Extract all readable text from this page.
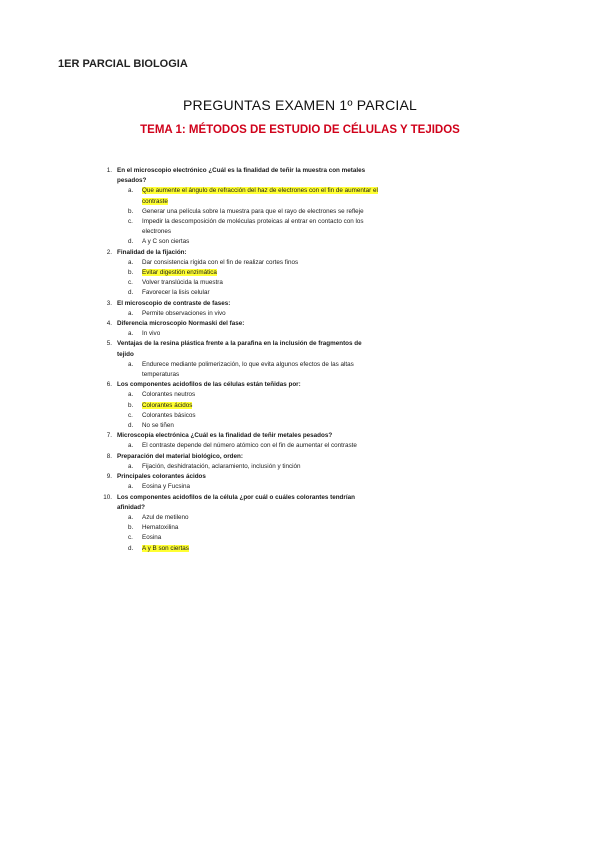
1ER PARCIAL BIOLOGIA
PREGUNTAS EXAMEN 1º PARCIAL
TEMA 1: MÉTODOS DE ESTUDIO DE CÉLULAS Y TEJIDOS
1. En el microscopio electrónico ¿Cuál es la finalidad de teñir la muestra con metales pesados?
a.	Que aumente el ángulo de refracción del haz de electrones con el fin de aumentar el contraste
b.	Generar una película sobre la muestra para que el rayo de electrones se refleje
c.	Impedir la descomposición de moléculas proteicas al entrar en contacto con los electrones
d.	A y C son ciertas
2. Finalidad de la fijación:
a.	Dar consistencia rígida con el fin de realizar cortes finos
b.	Evitar digestión enzimática
c.	Volver translúcida la muestra
d.	Favorecer la lisis celular
3. El microscopio de contraste de fases:
a.	Permite observaciones in vivo
4. Diferencia microscopio Normaski del fase:
a.	In vivo
5. Ventajas de la resina plástica frente a la parafina en la inclusión de fragmentos de tejido
a.	Endurece mediante polimerización, lo que evita algunos efectos de las altas temperaturas
6. Los componentes acidofilos de las células están teñidas por:
a.	Colorantes neutros
b.	Colorantes ácidos
c.	Colorantes básicos
d.	No se tiñen
7. Microscopía electrónica ¿Cuál es la finalidad de teñir metales pesados?
a.	El contraste depende del número atómico con el fin de aumentar el contraste
8. Preparación del material biológico, orden:
a.	Fijación, deshidratación, aclaramiento, inclusión y tinción
9. Principales colorantes ácidos
a.	Eosina y Fucsina
10. Los componentes acidofilos de la célula ¿por cuál o cuáles colorantes tendrían afinidad?
a.	Azul de metileno
b.	Hematoxilina
c.	Eosina
d.	A y B son ciertas
